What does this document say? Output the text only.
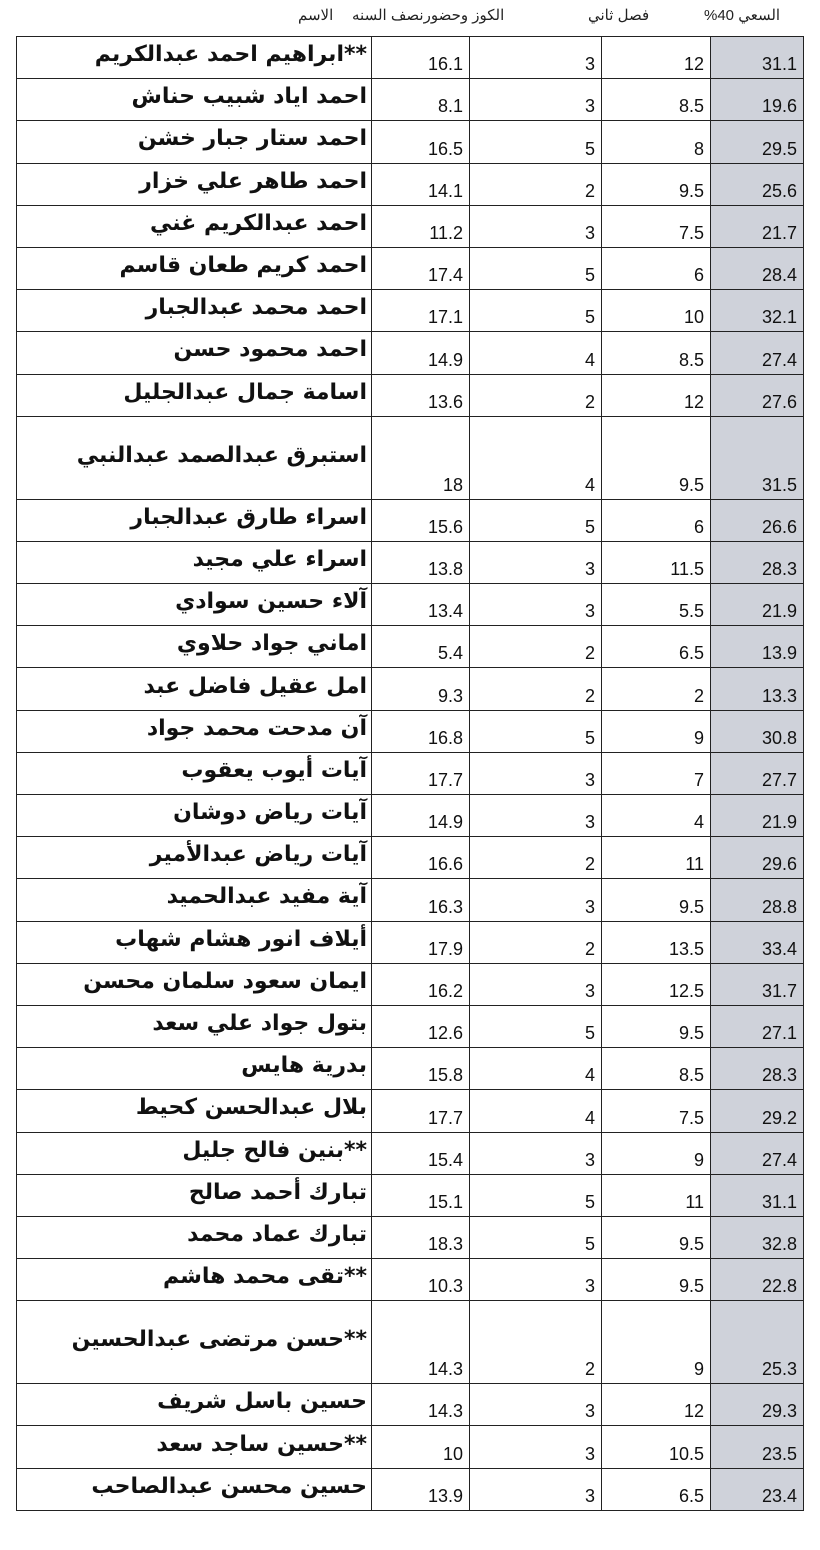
السعي 40%
فصل ثاني
الكوز وحضورنصف السنه
الاسم
**ابراهيم احمد عبدالكريم	16.1	3	12	31.1
احمد اياد شبيب حناش	8.1	3	8.5	19.6
احمد ستار جبار خشن	16.5	5	8	29.5
احمد طاهر علي خزار	14.1	2	9.5	25.6
احمد عبدالكريم غني	11.2	3	7.5	21.7
احمد كريم طعان قاسم	17.4	5	6	28.4
احمد محمد عبدالجبار	17.1	5	10	32.1
احمد محمود حسن	14.9	4	8.5	27.4
اسامة جمال عبدالجليل	13.6	2	12	27.6
استبرق عبدالصمد عبدالنبي	18	4	9.5	31.5
اسراء طارق عبدالجبار	15.6	5	6	26.6
اسراء علي مجيد	13.8	3	11.5	28.3
آلاء حسين سوادي	13.4	3	5.5	21.9
اماني جواد حلاوي	5.4	2	6.5	13.9
امل عقيل فاضل عبد	9.3	2	2	13.3
آن مدحت محمد جواد	16.8	5	9	30.8
آيات أيوب يعقوب	17.7	3	7	27.7
آيات رياض دوشان	14.9	3	4	21.9
آيات رياض عبدالأمير	16.6	2	11	29.6
آية مفيد عبدالحميد	16.3	3	9.5	28.8
أيلاف انور هشام شهاب	17.9	2	13.5	33.4
ايمان سعود سلمان محسن	16.2	3	12.5	31.7
بتول جواد علي سعد	12.6	5	9.5	27.1
بدرية هايس	15.8	4	8.5	28.3
بلال عبدالحسن كحيط	17.7	4	7.5	29.2
**بنين فالح جليل	15.4	3	9	27.4
تبارك أحمد صالح	15.1	5	11	31.1
تبارك عماد محمد	18.3	5	9.5	32.8
**تقى محمد هاشم	10.3	3	9.5	22.8
**حسن مرتضى عبدالحسين	14.3	2	9	25.3
حسين باسل شريف	14.3	3	12	29.3
**حسين ساجد سعد	10	3	10.5	23.5
حسين محسن عبدالصاحب	13.9	3	6.5	23.4
